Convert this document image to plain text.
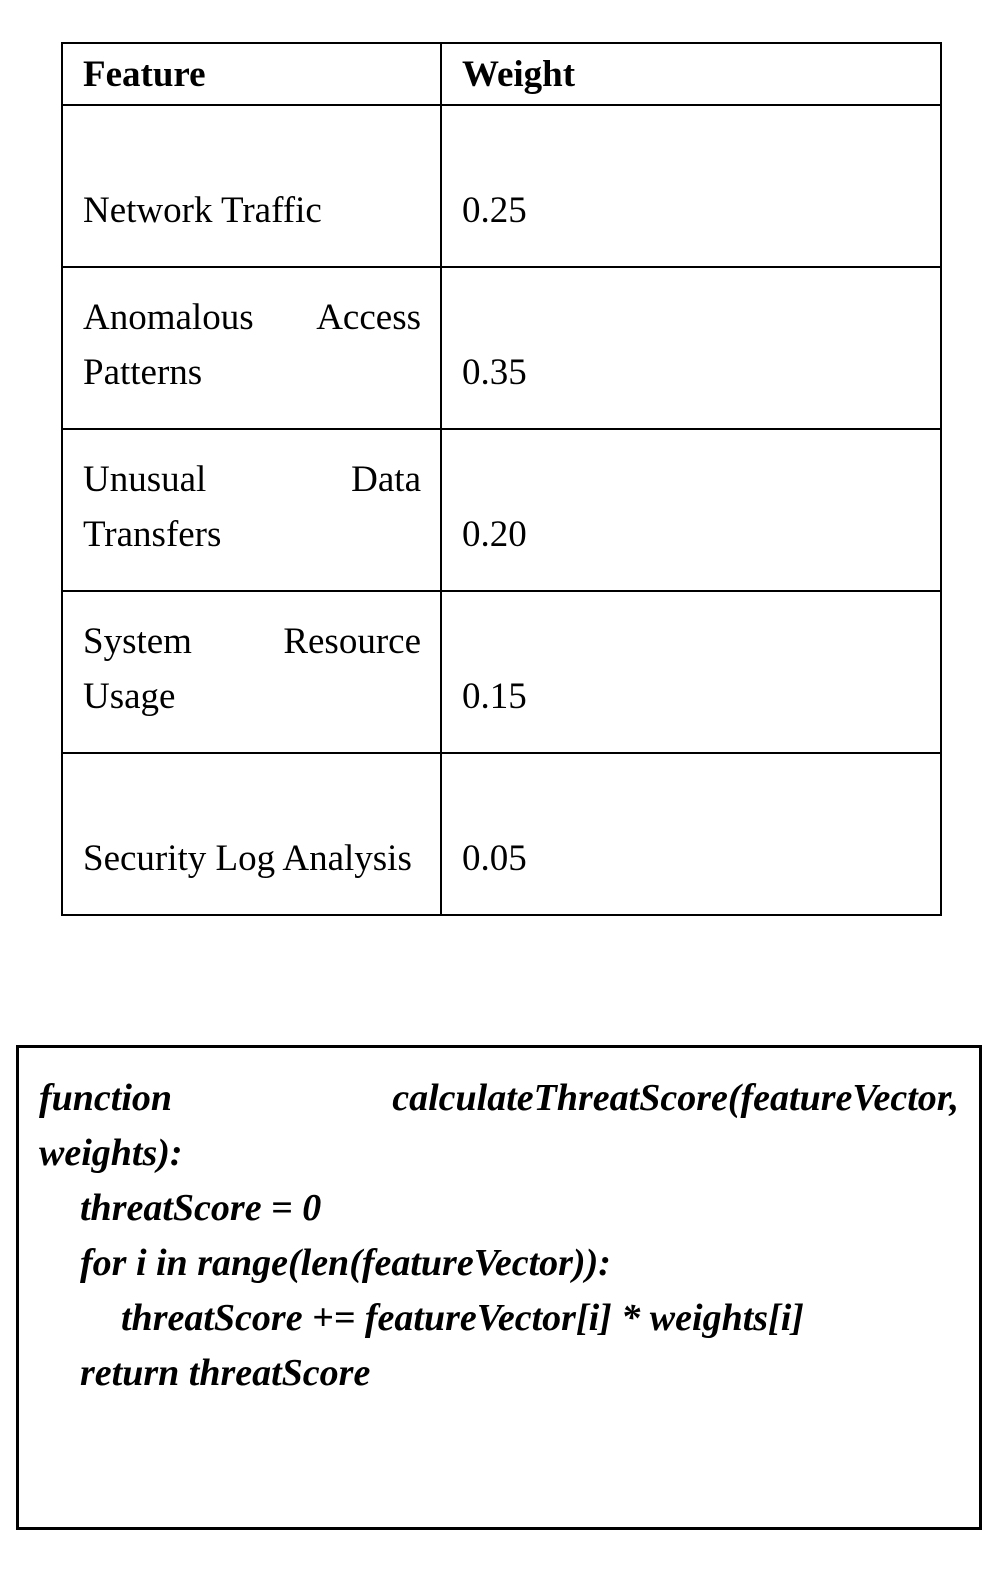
Feature	Weight
Network Traffic	0.25
Anomalous Access Patterns	0.35
Unusual Data Transfers	0.20
System Resource Usage	0.15
Security Log Analysis	0.05
function	calculateThreatScore(featureVector,
weights):
threatScore = 0
for i in range(len(featureVector)):
threatScore += featureVector[i] * weights[i]
return threatScore
